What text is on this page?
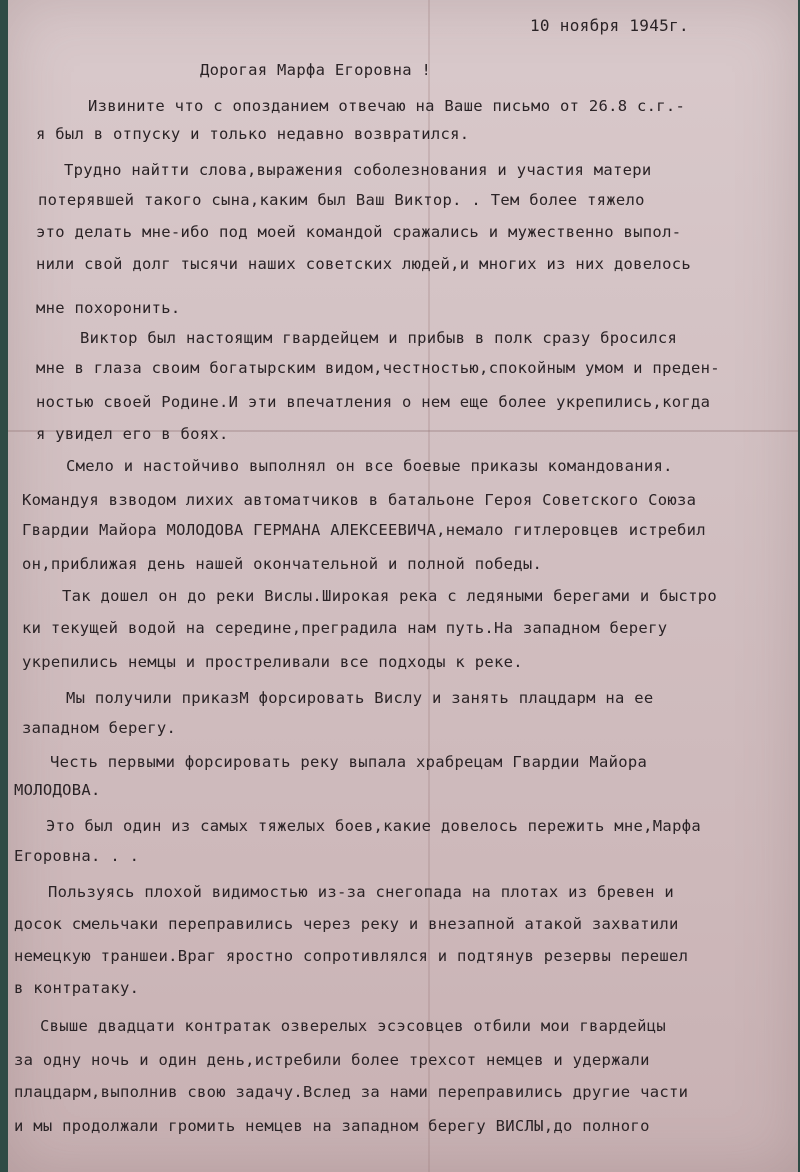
10 ноября 1945г.
Дорогая Марфа Егоровна !
Извините что с опозданием отвечаю на Ваше письмо от 26.8 с.г.-
я был в отпуску и только недавно возвратился.
Трудно найтти слова,выражения соболезнования и участия матери
потерявшей такого сына,каким был Ваш Виктор. . Тем более тяжело
это делать мне-ибо под моей командой сражались и мужественно выпол-
нили свой долг тысячи наших советских людей,и многих из них довелось
мне похоронить.
Виктор был настоящим гвардейцем и прибыв в полк сразу бросился
мне в глаза своим богатырским видом,честностью,спокойным умом и преден-
ностью своей Родине.И эти впечатления о нем еще более укрепились,когда
я увидел его в боях.
Смело и настойчиво выполнял он все боевые приказы командования.
Командуя взводом лихих автоматчиков в батальоне Героя Советского Союза
Гвардии Майора МОЛОДОВА ГЕРМАНА АЛЕКСЕЕВИЧА,немало гитлеровцев истребил
он,приближая день нашей окончательной и полной победы.
Так дошел он до реки Вислы.Широкая река с ледяными берегами и быстро
ки текущей водой на середине,преградила нам путь.На западном берегу
укрепились немцы и простреливали все подходы к реке.
Мы получили приказМ форсировать Вислу и занять плацдарм на ее
западном берегу.
Честь первыми форсировать реку выпала храбрецам Гвардии Майора
МОЛОДОВА.
Это был один из самых тяжелых боев,какие довелось пережить мне,Марфа
Егоровна. . .
Пользуясь плохой видимостью из-за снегопада на плотах из бревен и
досок смельчаки переправились через реку и внезапной атакой захватили
немецкую траншеи.Враг яростно сопротивлялся и подтянув резервы перешел
в контратаку.
Свыше двадцати контратак озверелых эсэсовцев отбили мои гвардейцы
за одну ночь и один день,истребили более трехсот немцев и удержали
плацдарм,выполнив свою задачу.Вслед за нами переправились другие части
и мы продолжали громить немцев на западном берегу ВИСЛЫ,до полного
